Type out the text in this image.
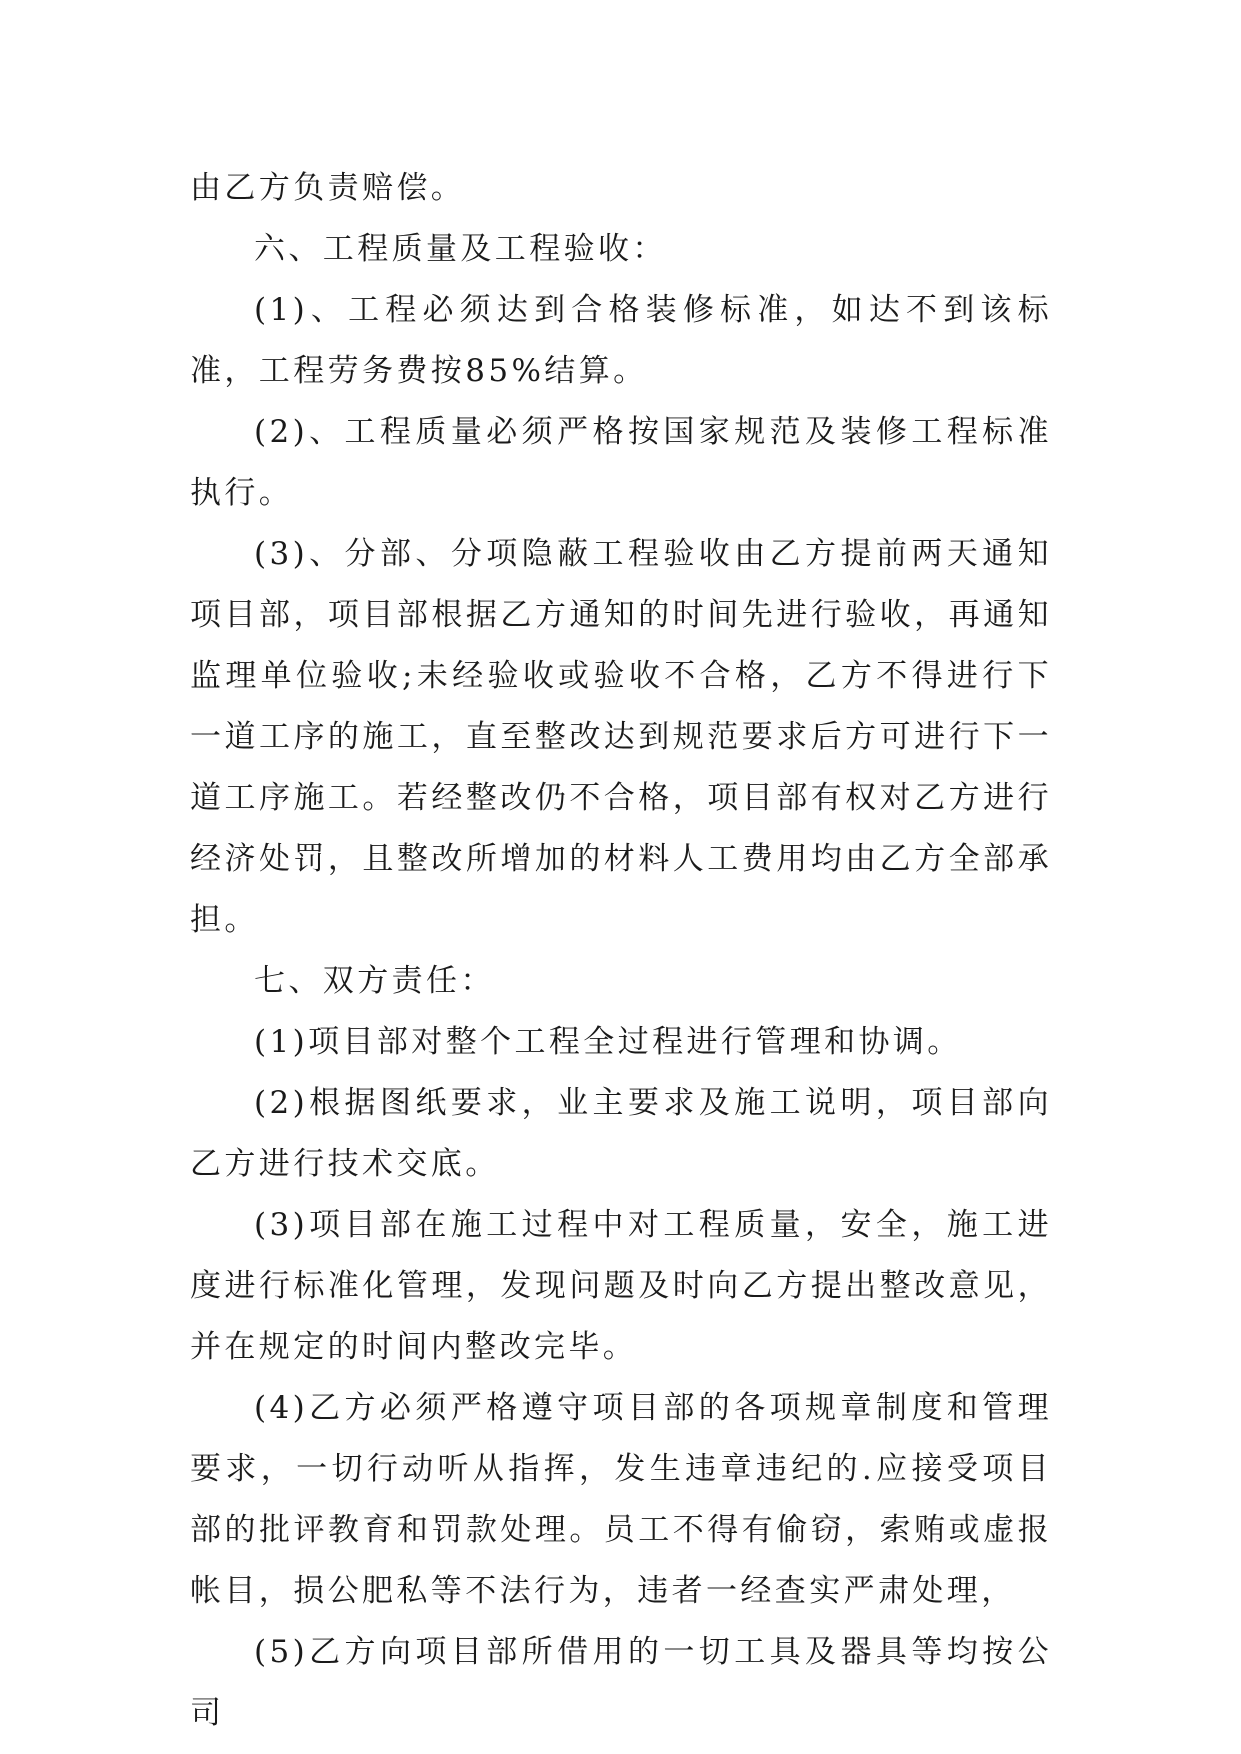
由乙方负责赔偿。

六、工程质量及工程验收：

(1)、工程必须达到合格装修标准，如达不到该标准，工程劳务费按85%结算。

(2)、工程质量必须严格按国家规范及装修工程标准执行。

(3)、分部、分项隐蔽工程验收由乙方提前两天通知项目部，项目部根据乙方通知的时间先进行验收，再通知监理单位验收;未经验收或验收不合格，乙方不得进行下一道工序的施工，直至整改达到规范要求后方可进行下一道工序施工。若经整改仍不合格，项目部有权对乙方进行经济处罚，且整改所增加的材料人工费用均由乙方全部承担。

七、双方责任：

(1)项目部对整个工程全过程进行管理和协调。

(2)根据图纸要求，业主要求及施工说明，项目部向乙方进行技术交底。

(3)项目部在施工过程中对工程质量，安全，施工进度进行标准化管理，发现问题及时向乙方提出整改意见，并在规定的时间内整改完毕。

(4)乙方必须严格遵守项目部的各项规章制度和管理要求，一切行动听从指挥，发生违章违纪的.应接受项目部的批评教育和罚款处理。员工不得有偷窃，索贿或虚报帐目，损公肥私等不法行为，违者一经查实严肃处理，

(5)乙方向项目部所借用的一切工具及器具等均按公司
